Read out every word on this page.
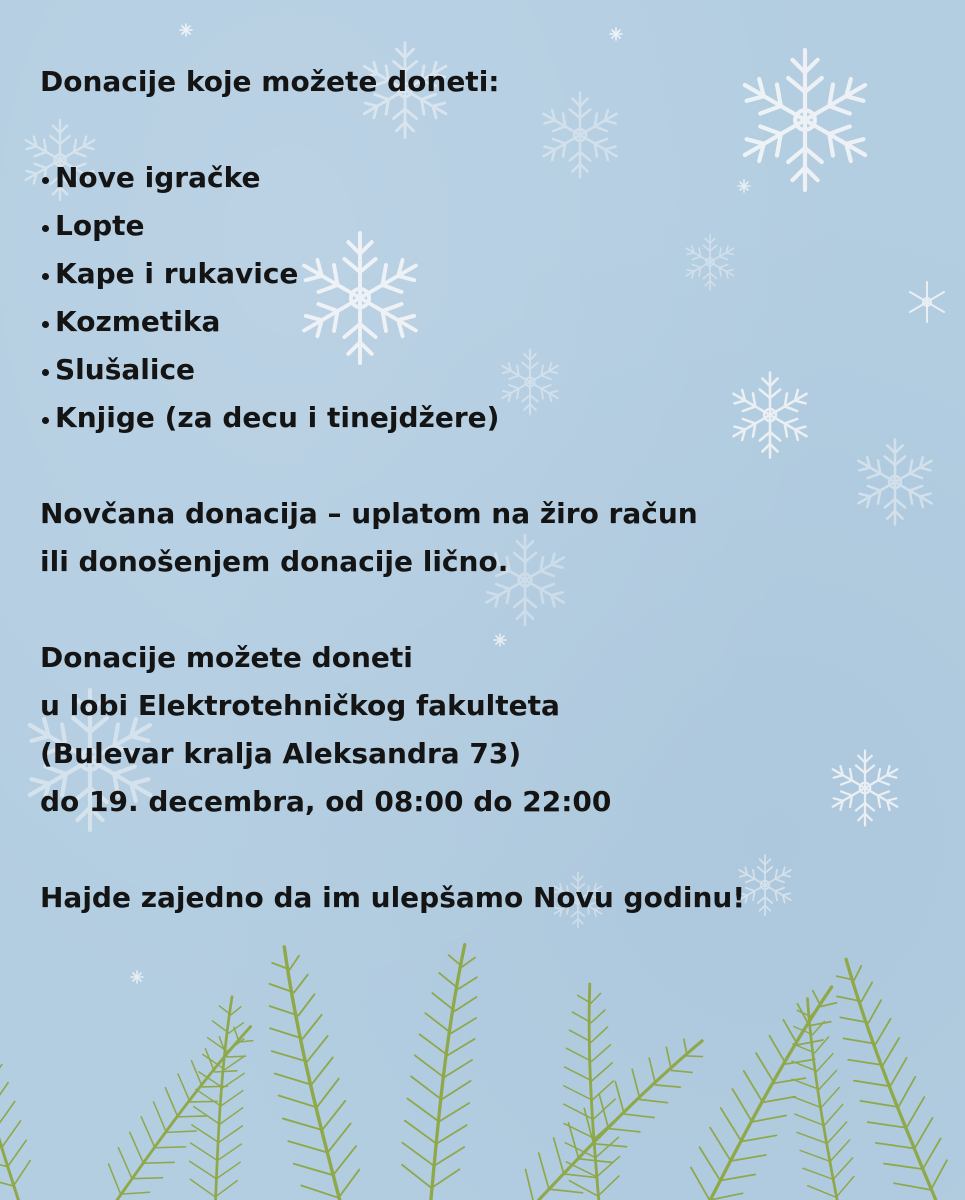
Donacije koje možete doneti:

Nove igračke
Lopte
Kape i rukavice
Kozmetika
Slušalice
Knjige (za decu i tinejdžere)
Novčana donacija – uplatom na žiro račun
ili donošenjem donacije lično.
Donacije možete doneti
u lobi Elektrotehničkog fakulteta
(Bulevar kralja Aleksandra 73)
do 19. decembra, od 08:00 do 22:00

Hajde zajedno da im ulepšamo Novu godinu!
